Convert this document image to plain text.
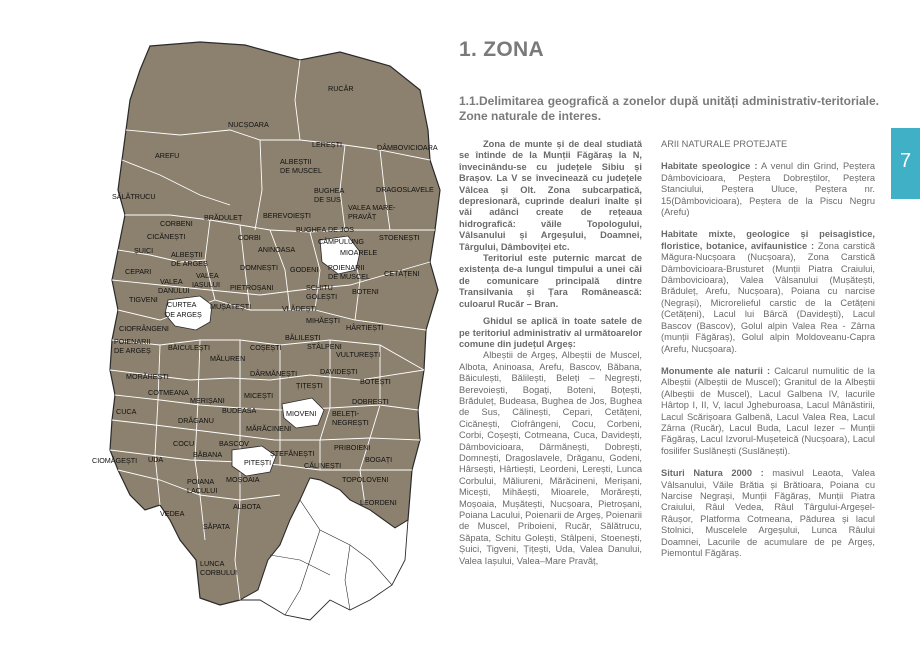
RUCĂR
NUCȘOARA
LEREȘTI	DÂMBOVICIOARA
AREFU
ALBEȘTII
DE MUSCEL
DRAGOSLAVELE
BUGHEA
DE SUS
SĂLĂTRUCU
VALEA MARE-
PRAVĂȚ
CORBENI
BRĂDULEȚ	BEREVOIEȘTI
BUGHEA DE JOS
CÂMPULUNG STOENEȘTI
CICĂNEȘTI	CORBI
ANINOASA	MIOARELE
ȘUICI ALBEȘTII
DE ARGEȘ	DOMNEȘTI GODENI POIENARII
DE MUSCEL CETĂȚENI
CEPARI
VALEA
DANULUI
VALEA
IAȘULUI PIETROȘANI	SCHITU
GOLEȘTI
BOTENI
TIGVENI
CURTEA
DE ARGEȘ
MUȘĂTEȘTI	VLĂDEȘTI
CIOFRÂNGENI
MIHĂEȘTI
HÂRTIEȘTI
POIENARII
DE ARGEȘ BĂICULEȘTI
BĂLILEȘTI
COȘEȘTI	STÂLPENI
VULTUREȘTI
MĂLUREN
MORĂREȘTI	DÂRMĂNEȘTI	DAVIDEȘTI
ȚIȚEȘTI	BOTEȘTI
COTMEANA
MERIȘANI
MICEȘTI
DOBREȘTI
CUCA	BUDEASA	MIOVENI BELEȚI-
NEGREȘTI
DRĂGANU
MĂRĂCINENI
COCU	BASCOV	PRIBOIENI
CIOMĂGEȘTI UDA
BĂBANA	ȘTEFĂNEȘTI
CĂLINEȘTI
BOGAȚI
PITEȘTI
POIANA
LACULUI
MOȘOAIA	TOPOLOVENI
ALBOTA	LEORDENI
VEDEA
SĂPATA
LUNCA
CORBULUI
1. ZONA
1.1.Delimitarea geografică a zonelor după unități administrativ-teritoriale. Zone naturale de interes.

Zona de munte și de deal studiată se întinde de la Munții Făgăraș la N, învecinându-se cu județele Sibiu și Brașov. La V se învecinează cu județele Vâlcea și Olt. Zona subcarpatică, depresionară, cuprinde dealuri înalte și văi adânci create de rețeaua hidrografică: văile Topologului, Vâlsanului și Argeșului, Doamnei, Târgului, Dâmboviței etc.

Teritoriul este puternic marcat de existența de-a lungul timpului a unei căi de comunicare principală dintre Transilvania și Țara Românească: culoarul Rucăr – Bran.

Ghidul se aplică în toate satele de pe teritoriul administrativ al următoarelor comune din județul Argeș:

Albeștii de Argeș, Albeștii de Muscel, Albota, Aninoasa, Arefu, Bascov, Băbana, Băiculești, Bălilești, Beleți – Negrești, Berevoiești, Bogați, Boteni, Boțești, Brăduleț, Budeasa, Bughea de Jos, Bughea de Sus, Călinești, Cepari, Cetățeni, Cicănești, Ciofrângeni, Cocu, Corbeni, Corbi, Coșești, Cotmeana, Cuca, Davidești, Dâmbovicioara, Dârmănești, Dobrești, Domnești, Dragoslavele, Drăganu, Godeni, Hârsești, Hârtiești, Leordeni, Lerești, Lunca Corbului, Măliureni, Mărăcineni, Merișani, Micești, Mihăești, Mioarele, Morărești, Moșoaia, Mușătești, Nucșoara, Pietroșani, Poiana Lacului, Poienarii de Argeș, Poienarii de Muscel, Priboieni, Rucăr, Sălătrucu, Săpata, Schitu Golești, Stâlpeni, Stoenești, Șuici, Tigveni, Țițești, Uda, Valea Danului, Valea Iașului, Valea–Mare Pravăț,

ARII NATURALE PROTEJATE
Habitate speologice : A venul din Grind, Peștera Dâmbovicioara, Peștera Dobreștilor, Peștera Stanciului, Peștera Uluce, Peștera nr. 15(Dâmbovicioara), Peștera de la Piscu Negru (Arefu)
Habitate mixte, geologice și peisagistice, floristice, botanice, avifaunistice : Zona carstică Măgura-Nucșoara (Nucșoara), Zona Carstică Dâmbovicioara-Brusturet (Munții Piatra Craiului, Dâmbovicioara), Valea Vâlsanului (Mușătești, Brăduleț, Arefu, Nucșoara), Poiana cu narcise (Negrași), Microrelieful carstic de la Cetățeni (Cetățeni), Lacul lui Bârcă (Davidești), Lacul Bascov (Bascov), Golul alpin Valea Rea - Zârna (munții Făgăraș), Golul alpin Moldoveanu-Capra (Arefu, Nucșoara).
Monumente ale naturii : Calcarul numulitic de la Albeștii (Albeștii de Muscel); Granitul de la Albeștii (Albeștii de Muscel), Lacul Galbena IV, lacurile Hârtop I, II, V, lacul Jgheburoasa, Lacul Mânăstirii, Lacul Scărișoara Galbenă, Lacul Valea Rea, Lacul Zârna (Rucăr), Lacul Buda, Lacul Iezer – Munții Făgăraș, Lacul Izvorul-Mușeteică (Nucșoara), Lacul fosilifer Suslănești (Suslănești).
Situri Natura 2000 : masivul Leaota, Valea Vâlsanului, Văile Brătia și Brătioara, Poiana cu Narcise Negrași, Munții Făgăraș, Munții Piatra Craiului, Râul Vedea, Râul Târgului-Argeșel-Râușor, Platforma Cotmeana, Pădurea și lacul Stolnici, Muscelele Argeșului, Lunca Râului Doamnei, Lacurile de acumulare de pe Argeș, Piemontul Făgăraș.
7
